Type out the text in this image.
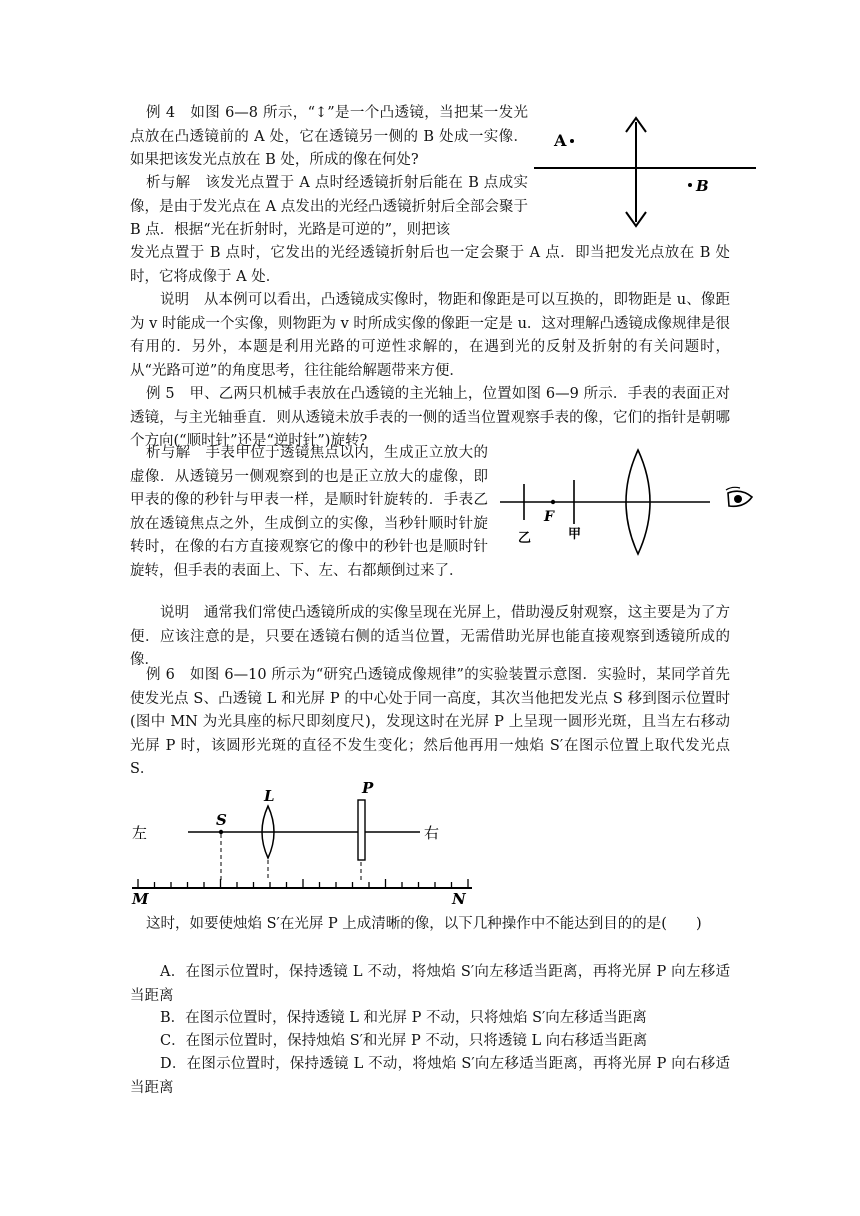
例 4　如图 6—8 所示，“↕”是一个凸透镜，当把某一发光点放在凸透镜前的 A 处，它在透镜另一侧的 B 处成一实像．如果把该发光点放在 B 处，所成的像在何处?

析与解　该发光点置于 A 点时经透镜折射后能在 B 点成实像，是由于发光点在 A 点发出的光经凸透镜折射后全部会聚于 B 点．根据“光在折射时，光路是可逆的”，则把该

发光点置于 B 点时，它发出的光经透镜折射后也一定会聚于 A 点．即当把发光点放在 B 处时，它将成像于 A 处．

说明　从本例可以看出，凸透镜成实像时，物距和像距是可以互换的，即物距是 u、像距为 v 时能成一个实像，则物距为 v 时所成实像的像距一定是 u．这对理解凸透镜成像规律是很有用的．另外，本题是利用光路的可逆性求解的，在遇到光的反射及折射的有关问题时，从“光路可逆”的角度思考，往往能给解题带来方便．

A
B

例 5　甲、乙两只机械手表放在凸透镜的主光轴上，位置如图 6—9 所示．手表的表面正对透镜，与主光轴垂直．则从透镜未放手表的一侧的适当位置观察手表的像，它们的指针是朝哪个方向(“顺时针”还是“逆时针”)旋转?

析与解　手表甲位于透镜焦点以内，生成正立放大的虚像．从透镜另一侧观察到的也是正立放大的虚像，即甲表的像的秒针与甲表一样，是顺时针旋转的．手表乙放在透镜焦点之外，生成倒立的实像，当秒针顺时针旋转时，在像的右方直接观察它的像中的秒针也是顺时针旋转，但手表的表面上、下、左、右都颠倒过来了．

说明　通常我们常使凸透镜所成的实像呈现在光屏上，借助漫反射观察，这主要是为了方便．应该注意的是，只要在透镜右侧的适当位置，无需借助光屏也能直接观察到透镜所成的像．

乙
F
甲

例 6　如图 6—10 所示为“研究凸透镜成像规律”的实验装置示意图．实验时，某同学首先使发光点 S、凸透镜 L 和光屏 P 的中心处于同一高度，其次当他把发光点 S 移到图示位置时(图中 MN 为光具座的标尺即刻度尺)，发现这时在光屏 P 上呈现一圆形光斑，且当左右移动光屏 P 时，该圆形光斑的直径不发生变化；然后他再用一烛焰 S′在图示位置上取代发光点 S．

左	右
S
L	P
M	N

这时，如要使烛焰 S′在光屏 P 上成清晰的像，以下几种操作中不能达到目的的是(　　)

A．在图示位置时，保持透镜 L 不动，将烛焰 S′向左移适当距离，再将光屏 P 向左移适当距离

B．在图示位置时，保持透镜 L 和光屏 P 不动，只将烛焰 S′向左移适当距离

C．在图示位置时，保持烛焰 S′和光屏 P 不动，只将透镜 L 向右移适当距离

D．在图示位置时，保持透镜 L 不动，将烛焰 S′向左移适当距离，再将光屏 P 向右移适当距离
